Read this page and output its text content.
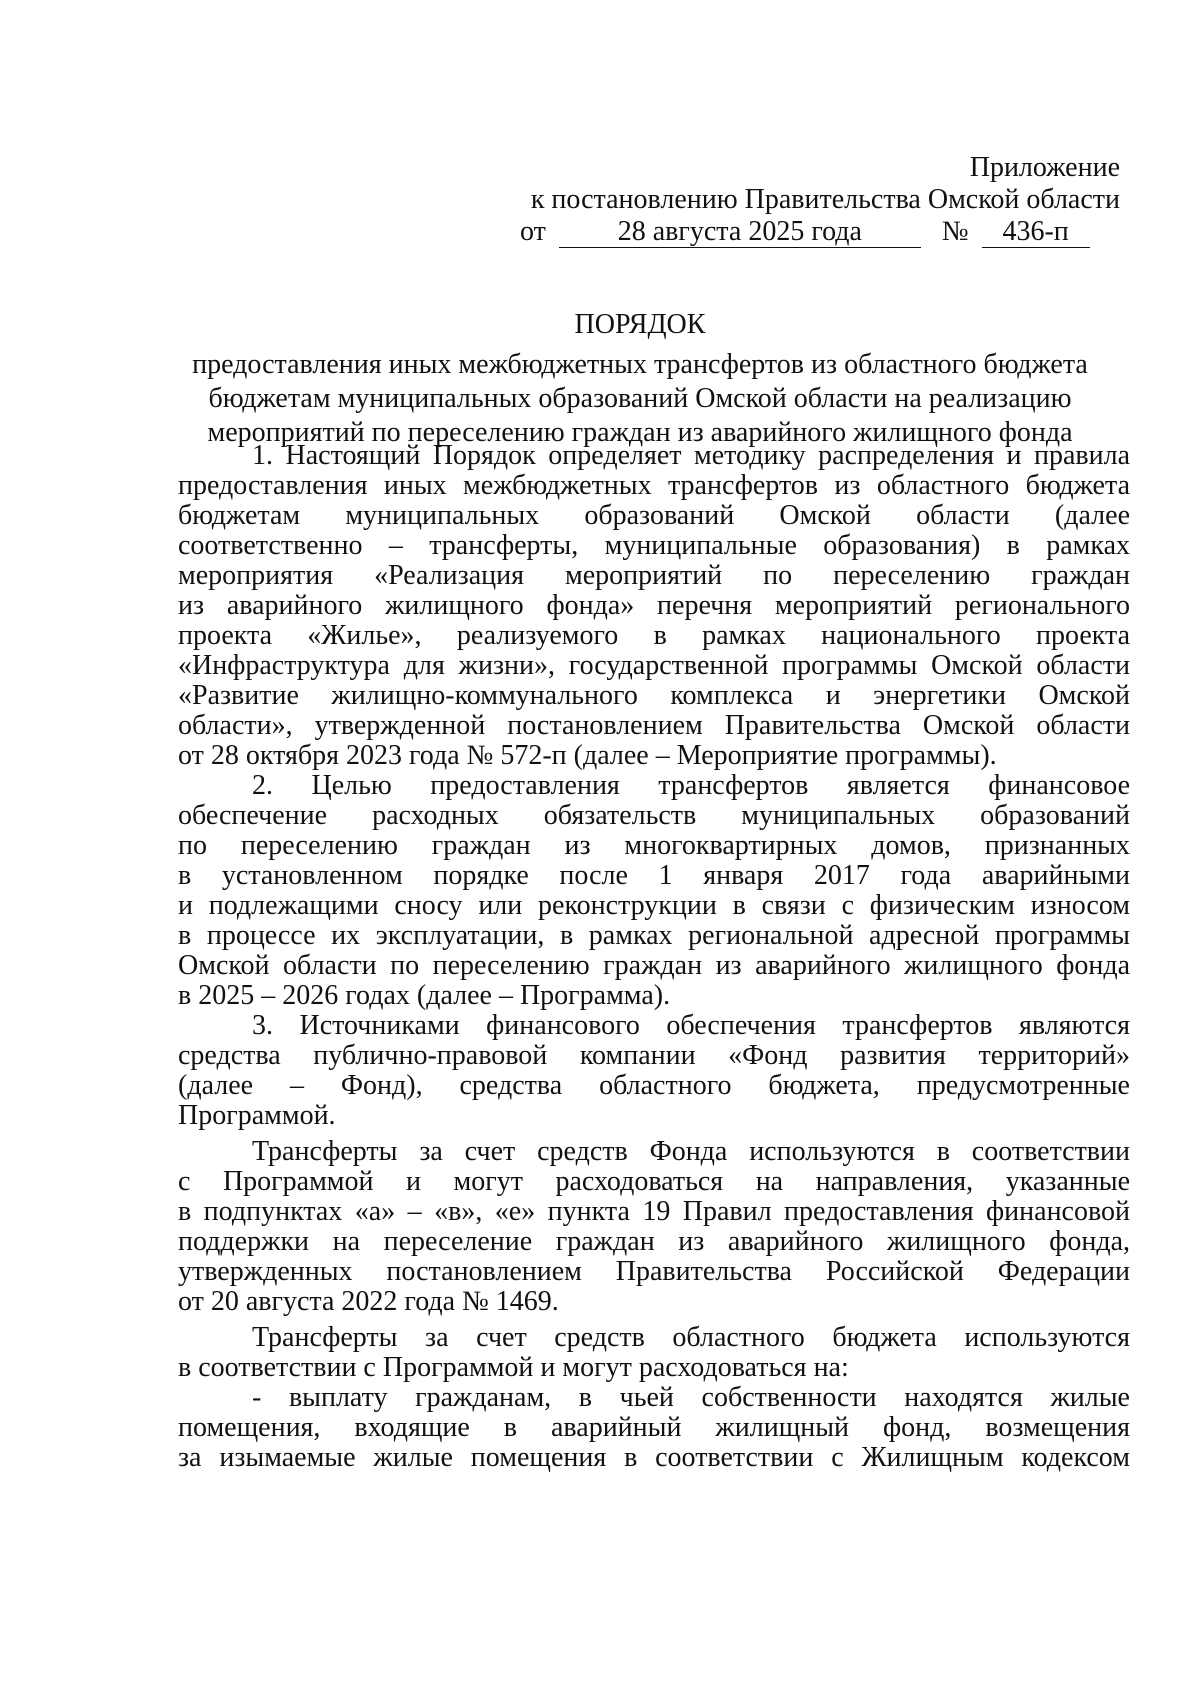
Приложение
к постановлению Правительства Омской области
от	28 августа 2025 года	№ 436-п
ПОРЯДОК
предоставления иных межбюджетных трансфертов из областного бюджета
бюджетам муниципальных образований Омской области на реализацию
мероприятий по переселению граждан из аварийного жилищного фонда
1. Настоящий Порядок определяет методику распределения и правила
предоставления иных межбюджетных трансфертов из областного бюджета
бюджетам муниципальных образований Омской области (далее
соответственно – трансферты, муниципальные образования) в рамках
мероприятия «Реализация мероприятий по переселению граждан
из аварийного жилищного фонда» перечня мероприятий регионального
проекта «Жилье», реализуемого в рамках национального проекта
«Инфраструктура для жизни», государственной программы Омской области
«Развитие жилищно-коммунального комплекса и энергетики Омской
области», утвержденной постановлением Правительства Омской области
от 28 октября 2023 года № 572-п (далее – Мероприятие программы).
2. Целью предоставления трансфертов является финансовое
обеспечение расходных обязательств муниципальных образований
по переселению граждан из многоквартирных домов, признанных
в установленном порядке после 1 января 2017 года аварийными
и подлежащими сносу или реконструкции в связи с физическим износом
в процессе их эксплуатации, в рамках региональной адресной программы
Омской области по переселению граждан из аварийного жилищного фонда
в 2025 – 2026 годах (далее – Программа).
3. Источниками финансового обеспечения трансфертов являются
средства публично-правовой компании «Фонд развития территорий»
(далее – Фонд), средства областного бюджета, предусмотренные
Программой.
Трансферты за счет средств Фонда используются в соответствии
с Программой и могут расходоваться на направления, указанные
в подпунктах «а» – «в», «е» пункта 19 Правил предоставления финансовой
поддержки на переселение граждан из аварийного жилищного фонда,
утвержденных постановлением Правительства Российской Федерации
от 20 августа 2022 года № 1469.
Трансферты за счет средств областного бюджета используются
в соответствии с Программой и могут расходоваться на:
- выплату гражданам, в чьей собственности находятся жилые
помещения, входящие в аварийный жилищный фонд, возмещения
за изымаемые жилые помещения в соответствии с Жилищным кодексом
